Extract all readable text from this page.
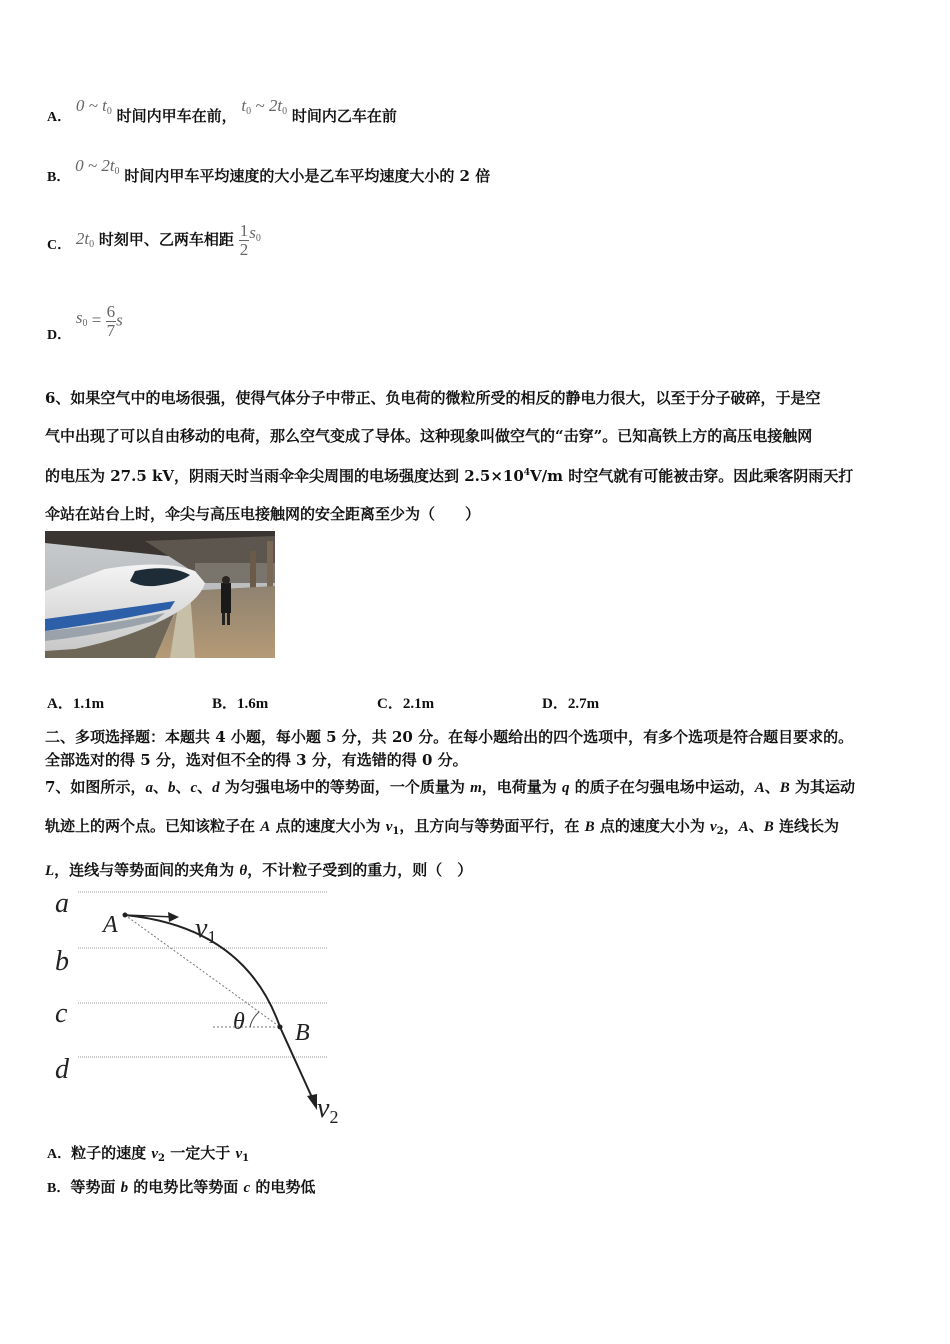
A． 0 ~ $t_0$ 时间内甲车在前， $t_0$ ~ $2t_0$ 时间内乙车在前
B． 0 ~ $2t_0$ 时间内甲车平均速度的大小是乙车平均速度大小的 2 倍
C． $2t_0$ 时刻甲、乙两车相距 $\frac{1}{2} s_0$
D． $s_0 = \frac{6}{7}$ s
6、如果空气中的电场很强，使得气体分子中带正、负电荷的微粒所受的相反的静电力很大，以至于分子破碎，于是空
气中出现了可以自由移动的电荷，那么空气变成了导体。这种现象叫做空气的“击穿”。已知高铁上方的高压电接触网
的电压为 27.5 kV，阴雨天时当雨伞伞尖周围的电场强度达到 $2.5\times 10^4V/m$ 时空气就有可能被击穿。因此乘客阴雨天打
伞站在站台上时，伞尖与高压电接触网的安全距离至少为（　　）
A．1.1m	B．1.6m	C．2.1m	D．2.7m
二、多项选择题：本题共 4 小题，每小题 5 分，共 20 分。在每小题给出的四个选项中，有多个选项是符合题目要求的。
全部选对的得 5 分，选对但不全的得 3 分，有选错的得 0 分。
7、如图所示，a、b、c、d 为匀强电场中的等势面，一个质量为 m，电荷量为 q 的质子在匀强电场中运动，A、B 为其运动
轨迹上的两个点。已知该粒子在 A 点的速度大小为 $v_1$，且方向与等势面平行，在 B 点的速度大小为 $v_2$，A、B 连线长为
L，连线与等势面间的夹角为 θ，不计粒子受到的重力，则（　）
a
b
c
d
A
B
$v_1$
$v_2$
θ
A．粒子的速度 $v_2$ 一定大于 $v_1$
B．等势面 b 的电势比等势面 c 的电势低
